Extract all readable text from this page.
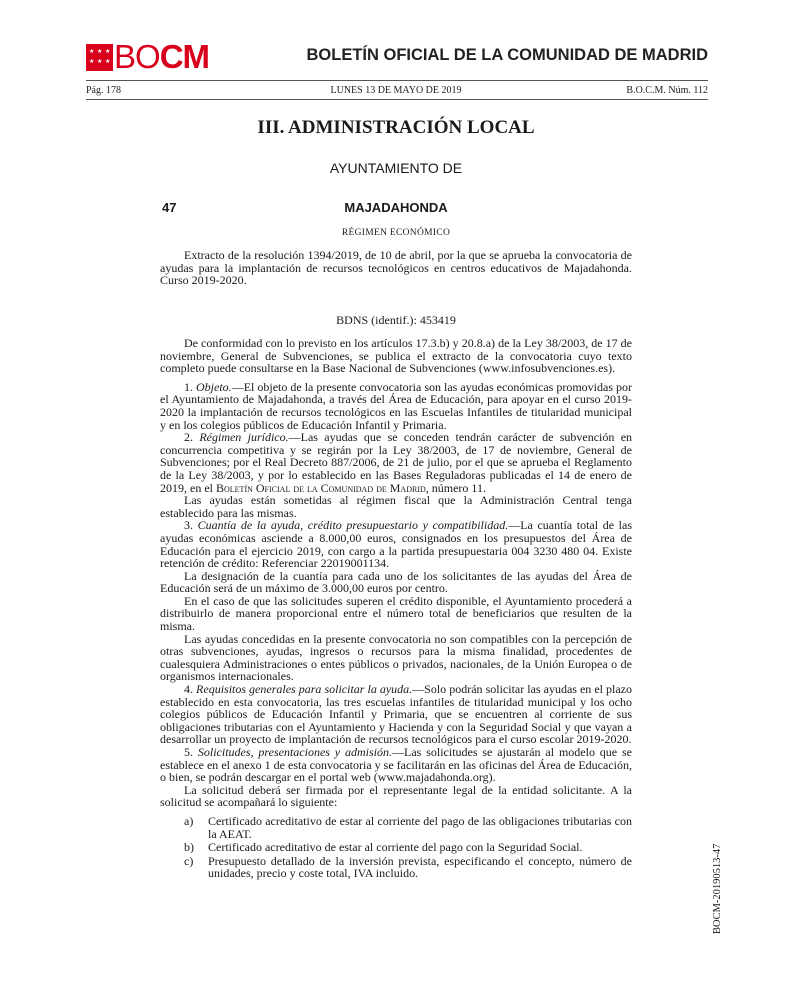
★ ★ ★
★ ★ ★ BOCM	BOLETÍN OFICIAL DE LA COMUNIDAD DE MADRID
Pág. 178	LUNES 13 DE MAYO DE 2019	B.O.C.M. Núm. 112
III. ADMINISTRACIÓN LOCAL
AYUNTAMIENTO DE
47	MAJADAHONDA
RÉGIMEN ECONÓMICO

Extracto de la resolución 1394/2019, de 10 de abril, por la que se aprueba la convocatoria de ayudas para la implantación de recursos tecnológicos en centros educativos de Majadahonda. Curso 2019-2020.

BDNS (identif.): 453419

De conformidad con lo previsto en los artículos 17.3.b) y 20.8.a) de la Ley 38/2003, de 17 de noviembre, General de Subvenciones, se publica el extracto de la convocatoria cuyo texto completo puede consultarse en la Base Nacional de Subvenciones (www.infosubvenciones.es).

1. Objeto.—El objeto de la presente convocatoria son las ayudas económicas promovidas por el Ayuntamiento de Majadahonda, a través del Área de Educación, para apoyar en el curso 2019-2020 la implantación de recursos tecnológicos en las Escuelas Infantiles de titularidad municipal y en los colegios públicos de Educación Infantil y Primaria.

2. Régimen jurídico.—Las ayudas que se conceden tendrán carácter de subvención en concurrencia competitiva y se regirán por la Ley 38/2003, de 17 de noviembre, General de Subvenciones; por el Real Decreto 887/2006, de 21 de julio, por el que se aprueba el Reglamento de la Ley 38/2003, y por lo establecido en las Bases Reguladoras publicadas el 14 de enero de 2019, en el Boletín Oficial de la Comunidad de Madrid, número 11.

Las ayudas están sometidas al régimen fiscal que la Administración Central tenga establecido para las mismas.

3. Cuantía de la ayuda, crédito presupuestario y compatibilidad.—La cuantía total de las ayudas económicas asciende a 8.000,00 euros, consignados en los presupuestos del Área de Educación para el ejercicio 2019, con cargo a la partida presupuestaria 004 3230 480 04. Existe retención de crédito: Referenciar 22019001134.

La designación de la cuantía para cada uno de los solicitantes de las ayudas del Área de Educación será de un máximo de 3.000,00 euros por centro.

En el caso de que las solicitudes superen el crédito disponible, el Ayuntamiento procederá a distribuirlo de manera proporcional entre el número total de beneficiarios que resulten de la misma.

Las ayudas concedidas en la presente convocatoria no son compatibles con la percepción de otras subvenciones, ayudas, ingresos o recursos para la misma finalidad, procedentes de cualesquiera Administraciones o entes públicos o privados, nacionales, de la Unión Europea o de organismos internacionales.

4. Requisitos generales para solicitar la ayuda.—Solo podrán solicitar las ayudas en el plazo establecido en esta convocatoria, las tres escuelas infantiles de titularidad municipal y los ocho colegios públicos de Educación Infantil y Primaria, que se encuentren al corriente de sus obligaciones tributarias con el Ayuntamiento y Hacienda y con la Seguridad Social y que vayan a desarrollar un proyecto de implantación de recursos tecnológicos para el curso escolar 2019-2020.

5. Solicitudes, presentaciones y admisión.—Las solicitudes se ajustarán al modelo que se establece en el anexo 1 de esta convocatoria y se facilitarán en las oficinas del Área de Educación, o bien, se podrán descargar en el portal web (www.majadahonda.org).

La solicitud deberá ser firmada por el representante legal de la entidad solicitante. A la solicitud se acompañará lo siguiente:

a)	Certificado acreditativo de estar al corriente del pago de las obligaciones tributarias con la AEAT.
b)	Certificado acreditativo de estar al corriente del pago con la Seguridad Social.
c)	Presupuesto detallado de la inversión prevista, especificando el concepto, número de unidades, precio y coste total, IVA incluido.	BOCM-20190513-47
